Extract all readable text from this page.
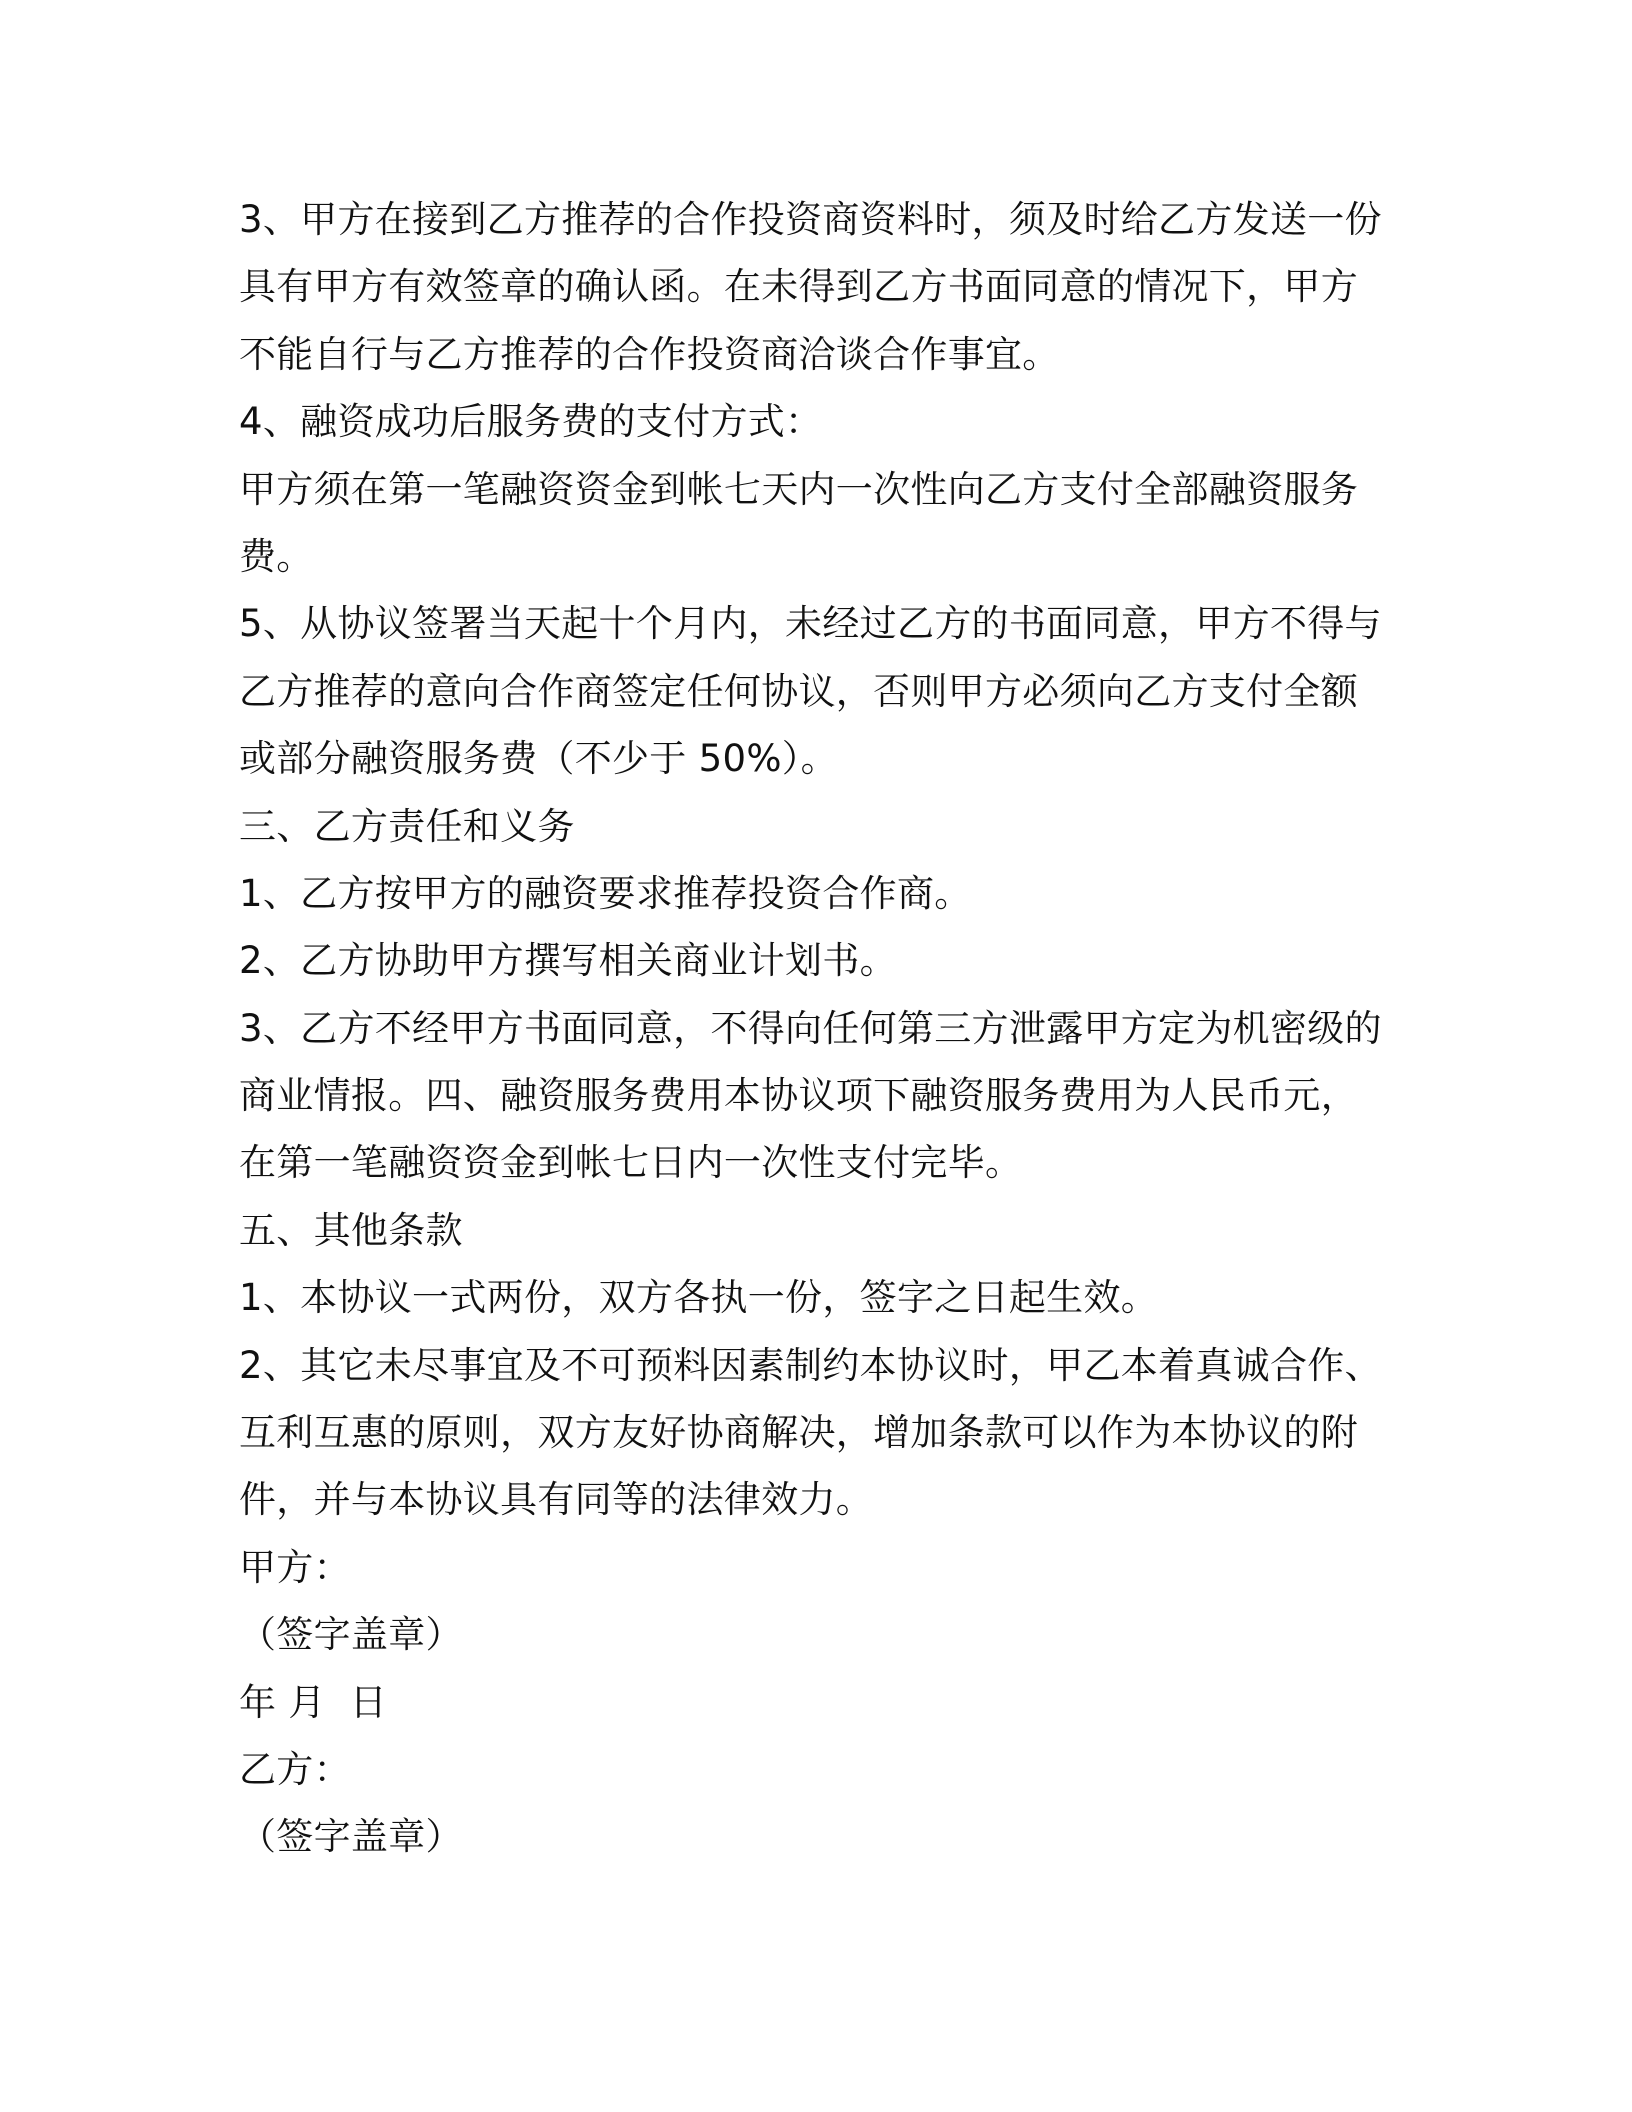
3、甲方在接到乙方推荐的合作投资商资料时，须及时给乙方发送一份
具有甲方有效签章的确认函。在未得到乙方书面同意的情况下，甲方
不能自行与乙方推荐的合作投资商洽谈合作事宜。
4、融资成功后服务费的支付方式：
甲方须在第一笔融资资金到帐七天内一次性向乙方支付全部融资服务
费。
5、从协议签署当天起十个月内，未经过乙方的书面同意，甲方不得与
乙方推荐的意向合作商签定任何协议，否则甲方必须向乙方支付全额
或部分融资服务费（不少于 50%）。
三、乙方责任和义务
1、乙方按甲方的融资要求推荐投资合作商。
2、乙方协助甲方撰写相关商业计划书。
3、乙方不经甲方书面同意，不得向任何第三方泄露甲方定为机密级的
商业情报。四、融资服务费用本协议项下融资服务费用为人民币元，
在第一笔融资资金到帐七日内一次性支付完毕。
五、其他条款
1、本协议一式两份，双方各执一份，签字之日起生效。
2、其它未尽事宜及不可预料因素制约本协议时，甲乙本着真诚合作、
互利互惠的原则，双方友好协商解决，增加条款可以作为本协议的附
件，并与本协议具有同等的法律效力。
甲方：
（签字盖章）
年 月  日
乙方：
（签字盖章）
